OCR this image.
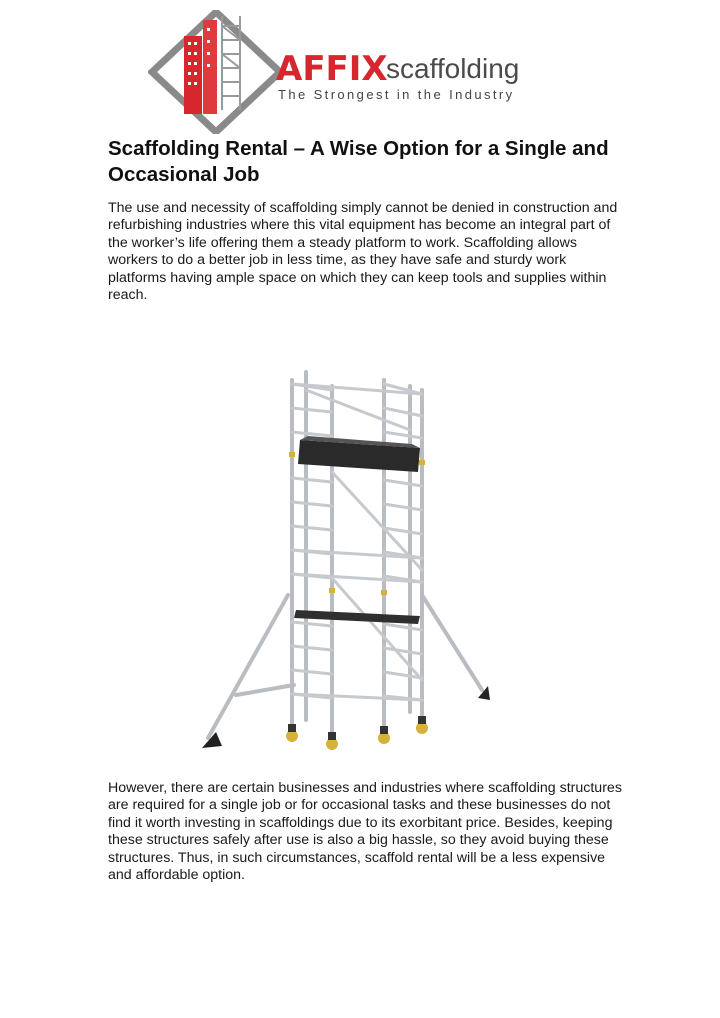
AFFIX
scaffolding
The Strongest in the Industry
Scaffolding Rental – A Wise Option for a Single and Occasional Job

The use and necessity of scaffolding simply cannot be denied in construction and refurbishing industries where this vital equipment has become an integral part of the worker’s life offering them a steady platform to work. Scaffolding allows workers to do a better job in less time, as they have safe and sturdy work platforms having ample space on which they can keep tools and supplies within reach.

However, there are certain businesses and industries where scaffolding structures are required for a single job or for occasional tasks and these businesses do not find it worth investing in scaffoldings due to its exorbitant price. Besides, keeping these structures safely after use is also a big hassle, so they avoid buying these structures. Thus, in such circumstances, scaffold rental will be a less expensive and affordable option.
